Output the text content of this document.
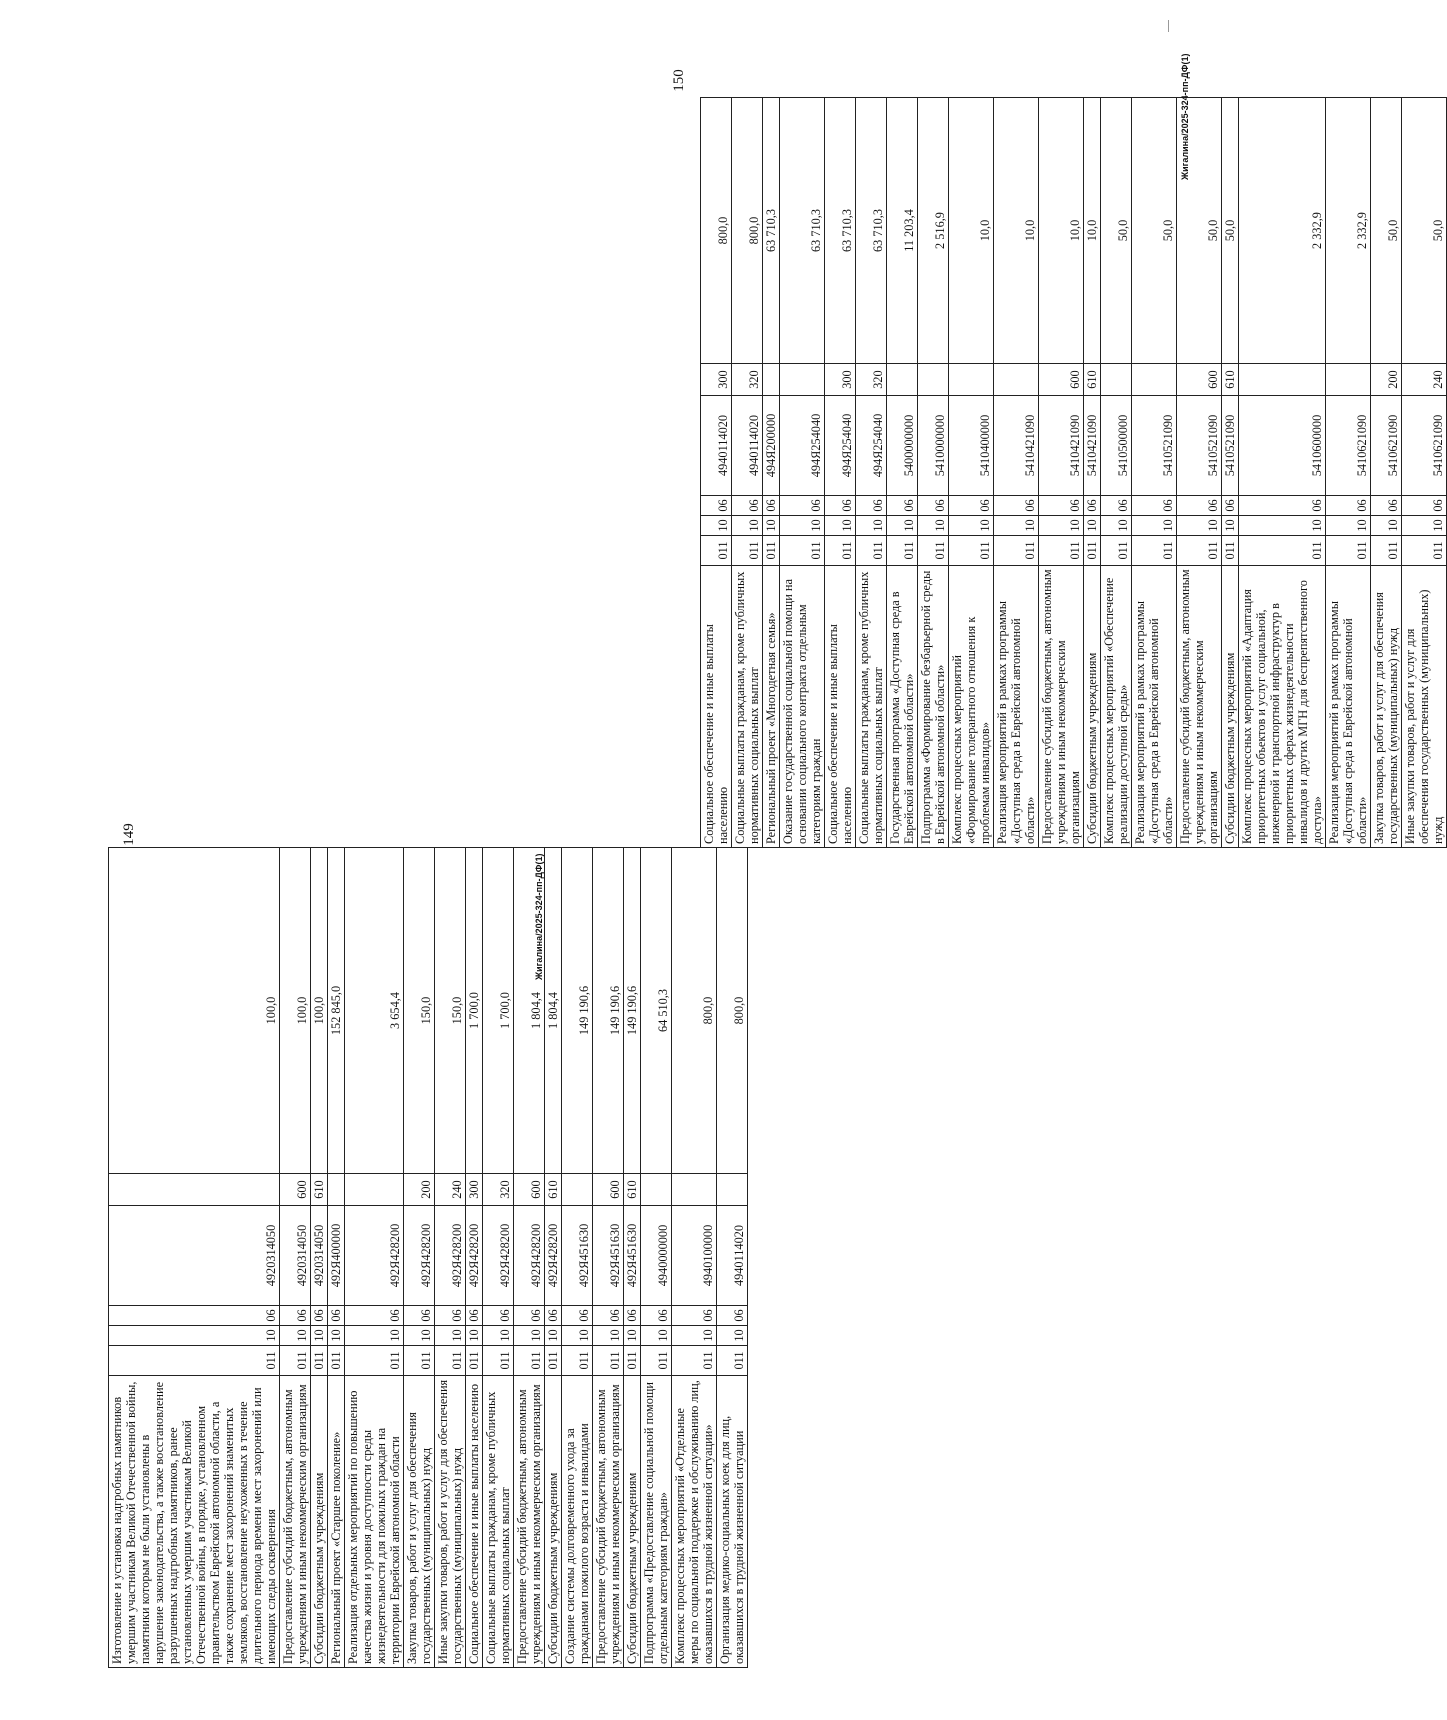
149
Изготовление и установка надгробных памятников умершим участникам Великой Отечественной войны, памятники которым не были установлены в нарушение законодательства, а также восстановление разрушенных надгробных памятников, ранее установленных умершим участникам Великой Отечественной войны, в порядке, установленном правительством Еврейской автономной области, а также сохранение мест захоронений знаменитых земляков, восстановление неухоженных в течение длительного периода времени мест захоронений или имеющих следы осквернения	011	10	06	4920314050		100,0
Предоставление субсидий бюджетным, автономным учреждениям и иным некоммерческим организациям	011	10	06	4920314050	600	100,0
Субсидии бюджетным учреждениям	011	10	06	4920314050	610	100,0
Региональный проект «Старшее поколение»	011	10	06	492Я400000		152 845,0
Реализация отдельных мероприятий по повышению качества жизни и уровня доступности среды жизнедеятельности для пожилых граждан на территории Еврейской автономной области	011	10	06	492Я428200		3 654,4
Закупка товаров, работ и услуг для обеспечения государственных (муниципальных) нужд	011	10	06	492Я428200	200	150,0
Иные закупки товаров, работ и услуг для обеспечения государственных (муниципальных) нужд	011	10	06	492Я428200	240	150,0
Социальное обеспечение и иные выплаты населению	011	10	06	492Я428200	300	1 700,0
Социальные выплаты гражданам, кроме публичных нормативных социальных выплат	011	10	06	492Я428200	320	1 700,0
Предоставление субсидий бюджетным, автономным учреждениям и иным некоммерческим организациям	011	10	06	492Я428200	600	1 804,4
Субсидии бюджетным учреждениям	011	10	06	492Я428200	610	1 804,4
Создание системы долговременного ухода за гражданами пожилого возраста и инвалидами	011	10	06	492Я451630		149 190,6
Предоставление субсидий бюджетным, автономным учреждениям и иным некоммерческим организациям	011	10	06	492Я451630	600	149 190,6
Субсидии бюджетным учреждениям	011	10	06	492Я451630	610	149 190,6
Подпрограмма «Предоставление социальной помощи отдельным категориям граждан»	011	10	06	4940000000		64 510,3
Комплекс процессных мероприятий «Отдельные меры по социальной поддержке и обслуживанию лиц, оказавшихся в трудной жизненной ситуации»	011	10	06	4940100000		800,0
Организация медико-социальных коек для лиц, оказавшихся в трудной жизненной ситуации	011	10	06	4940114020		800,0
Жигалина/2025-324-пп-ДФ(1)
150
Социальное обеспечение и иные выплаты населению	011	10	06	4940114020	300	800,0
Социальные выплаты гражданам, кроме публичных нормативных социальных выплат	011	10	06	4940114020	320	800,0
Региональный проект «Многодетная семья»	011	10	06	494Я200000		63 710,3
Оказание государственной социальной помощи на основании социального контракта отдельным категориям граждан	011	10	06	494Я254040		63 710,3
Социальное обеспечение и иные выплаты населению	011	10	06	494Я254040	300	63 710,3
Социальные выплаты гражданам, кроме публичных нормативных социальных выплат	011	10	06	494Я254040	320	63 710,3
Государственная программа «Доступная среда в Еврейской автономной области»	011	10	06	5400000000		11 203,4
Подпрограмма «Формирование безбарьерной среды в Еврейской автономной области»	011	10	06	5410000000		2 516,9
Комплекс процессных мероприятий «Формирование толерантного отношения к проблемам инвалидов»	011	10	06	5410400000		10,0
Реализация мероприятий в рамках программы «Доступная среда в Еврейской автономной области»	011	10	06	5410421090		10,0
Предоставление субсидий бюджетным, автономным учреждениям и иным некоммерческим организациям	011	10	06	5410421090	600	10,0
Субсидии бюджетным учреждениям	011	10	06	5410421090	610	10,0
Комплекс процессных мероприятий «Обеспечение реализации доступной среды»	011	10	06	5410500000		50,0
Реализация мероприятий в рамках программы «Доступная среда в Еврейской автономной области»	011	10	06	5410521090		50,0
Предоставление субсидий бюджетным, автономным учреждениям и иным некоммерческим организациям	011	10	06	5410521090	600	50,0
Субсидии бюджетным учреждениям	011	10	06	5410521090	610	50,0
Комплекс процессных мероприятий «Адаптация приоритетных объектов и услуг социальной, инженерной и транспортной инфраструктур в приоритетных сферах жизнедеятельности инвалидов и других МГН для беспрепятственного доступа»	011	10	06	5410600000		2 332,9
Реализация мероприятий в рамках программы «Доступная среда в Еврейской автономной области»	011	10	06	5410621090		2 332,9
Закупка товаров, работ и услуг для обеспечения государственных (муниципальных) нужд	011	10	06	5410621090	200	50,0
Иные закупки товаров, работ и услуг для обеспечения государственных (муниципальных) нужд	011	10	06	5410621090	240	50,0
Жигалина/2025-324-пп-ДФ(1)
